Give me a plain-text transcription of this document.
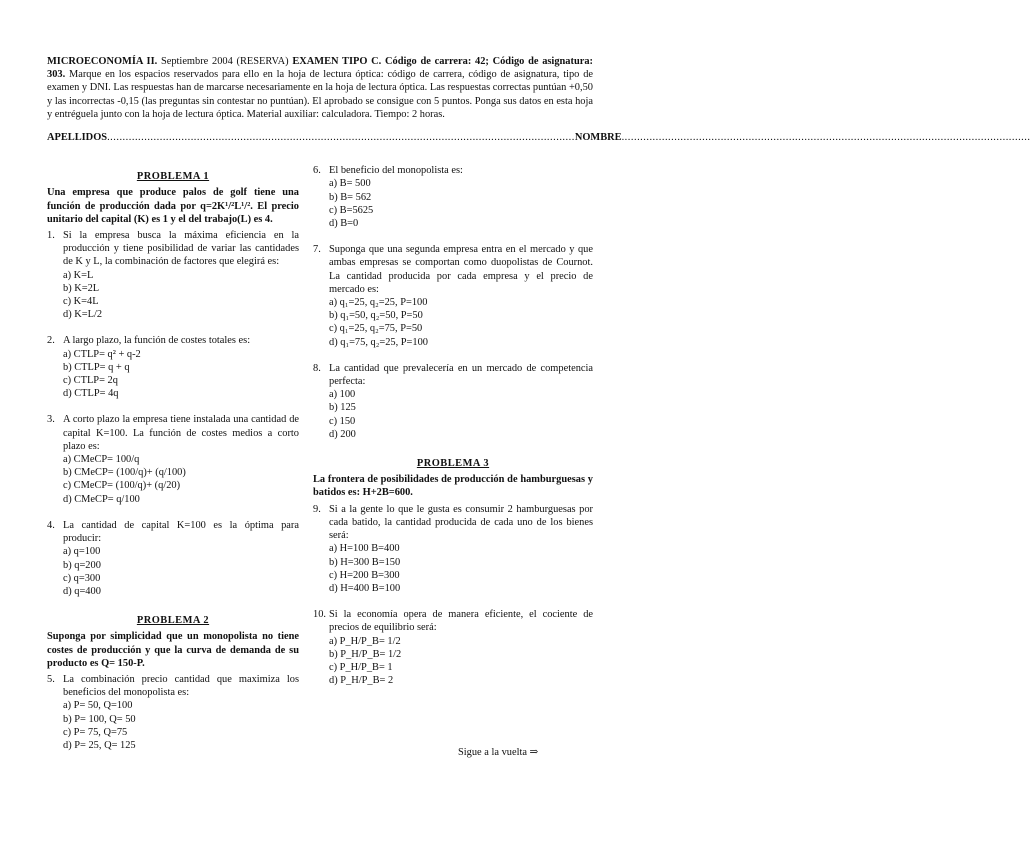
MICROECONOMÍA II. Septiembre 2004 (RESERVA) EXAMEN TIPO C. Código de carrera: 42; Código de asignatura: 303. Marque en los espacios reservados para ello en la hoja de lectura óptica: código de carrera, código de asignatura, tipo de examen y DNI. Las respuestas han de marcarse necesariamente en la hoja de lectura óptica. Las respuestas correctas puntúan +0,50 y las incorrectas -0,15 (las preguntas sin contestar no puntúan). El aprobado se consigue con 5 puntos. Ponga sus datos en esta hoja y entréguela junto con la hoja de lectura óptica. Material auxiliar: calculadora. Tiempo: 2 horas.
APELLIDOS ....................................................................................................................................................... NOMBRE ....................................................................................................................................
PROBLEMA 1
Una empresa que produce palos de golf tiene una función de producción dada por q=2K¹/²L¹/². El precio unitario del capital (K) es 1 y el del trabajo(L) es 4.
1. Si la empresa busca la máxima eficiencia en la producción y tiene posibilidad de variar las cantidades de K y L, la combinación de factores que elegirá es:
a) K=L
b) K=2L
c) K=4L
d) K=L/2
2. A largo plazo, la función de costes totales es:
a) CTLP= q² + q-2
b) CTLP= q + q
c) CTLP= 2q
d) CTLP= 4q
3. A corto plazo la empresa tiene instalada una cantidad de capital K=100. La función de costes medios a corto plazo es:
a) CMeCP= 100/q
b) CMeCP= (100/q)+ (q/100)
c) CMeCP= (100/q)+ (q/20)
d) CMeCP= q/100
4. La cantidad de capital K=100 es la óptima para producir:
a) q=100
b) q=200
c) q=300
d) q=400
PROBLEMA 2
Suponga por simplicidad que un monopolista no tiene costes de producción y que la curva de demanda de su producto es Q= 150-P.
5. La combinación precio cantidad que maximiza los beneficios del monopolista es:
a) P= 50, Q=100
b) P= 100, Q= 50
c) P= 75, Q=75
d) P= 25, Q= 125
6. El beneficio del monopolista es:
a) B= 500
b) B= 562
c) B=5625
d) B=0
7. Suponga que una segunda empresa entra en el mercado y que ambas empresas se comportan como duopolistas de Cournot. La cantidad producida por cada empresa y el precio de mercado es:
a) q₁=25, q₂=25, P=100
b) q₁=50, q₂=50, P=50
c) q₁=25, q₂=75, P=50
d) q₁=75, q₂=25, P=100
8. La cantidad que prevalecería en un mercado de competencia perfecta:
a) 100
b) 125
c) 150
d) 200
PROBLEMA 3
La frontera de posibilidades de producción de hamburguesas y batidos es: H+2B=600.
9. Si a la gente lo que le gusta es consumir 2 hamburguesas por cada batido, la cantidad producida de cada uno de los bienes será:
a) H=100 B=400
b) H=300 B=150
c) H=200 B=300
d) H=400 B=100
10. Si la economía opera de manera eficiente, el cociente de precios de equilibrio será:
a) P_H/P_B= 1/2
b) P_H/P_B= 1/2
c) P_H/P_B= 1
d) P_H/P_B= 2
Sigue a la vuelta ⇒
